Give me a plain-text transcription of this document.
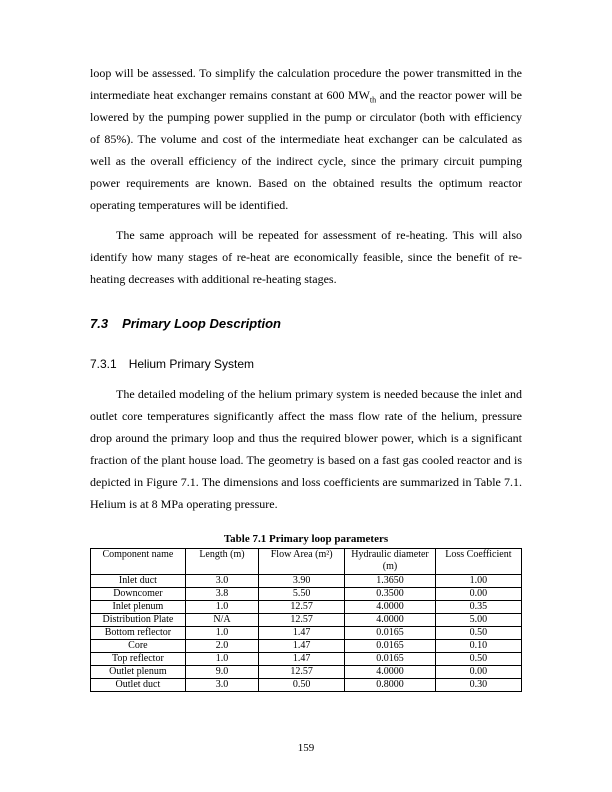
loop will be assessed. To simplify the calculation procedure the power transmitted in the intermediate heat exchanger remains constant at 600 $MW_{th}$ and the reactor power will be lowered by the pumping power supplied in the pump or circulator (both with efficiency of 85%). The volume and cost of the intermediate heat exchanger can be calculated as well as the overall efficiency of the indirect cycle, since the primary circuit pumping power requirements are known. Based on the obtained results the optimum reactor operating temperatures will be identified.

The same approach will be repeated for assessment of re-heating. This will also identify how many stages of re-heat are economically feasible, since the benefit of re-heating decreases with additional re-heating stages.

7.3 Primary Loop Description
7.3.1 Helium Primary System

The detailed modeling of the helium primary system is needed because the inlet and outlet core temperatures significantly affect the mass flow rate of the helium, pressure drop around the primary loop and thus the required blower power, which is a significant fraction of the plant house load. The geometry is based on a fast gas cooled reactor and is depicted in Figure 7.1. The dimensions and loss coefficients are summarized in Table 7.1. Helium is at 8 MPa operating pressure.

Table 7.1 Primary loop parameters
Component name	Length (m)	Flow Area (m²)	Hydraulic diameter (m)	Loss Coefficient
Inlet duct	3.0	3.90	1.3650	1.00
Downcomer	3.8	5.50	0.3500	0.00
Inlet plenum	1.0	12.57	4.0000	0.35
Distribution Plate	N/A	12.57	4.0000	5.00
Bottom reflector	1.0	1.47	0.0165	0.50
Core	2.0	1.47	0.0165	0.10
Top reflector	1.0	1.47	0.0165	0.50
Outlet plenum	9.0	12.57	4.0000	0.00
Outlet duct	3.0	0.50	0.8000	0.30
159
